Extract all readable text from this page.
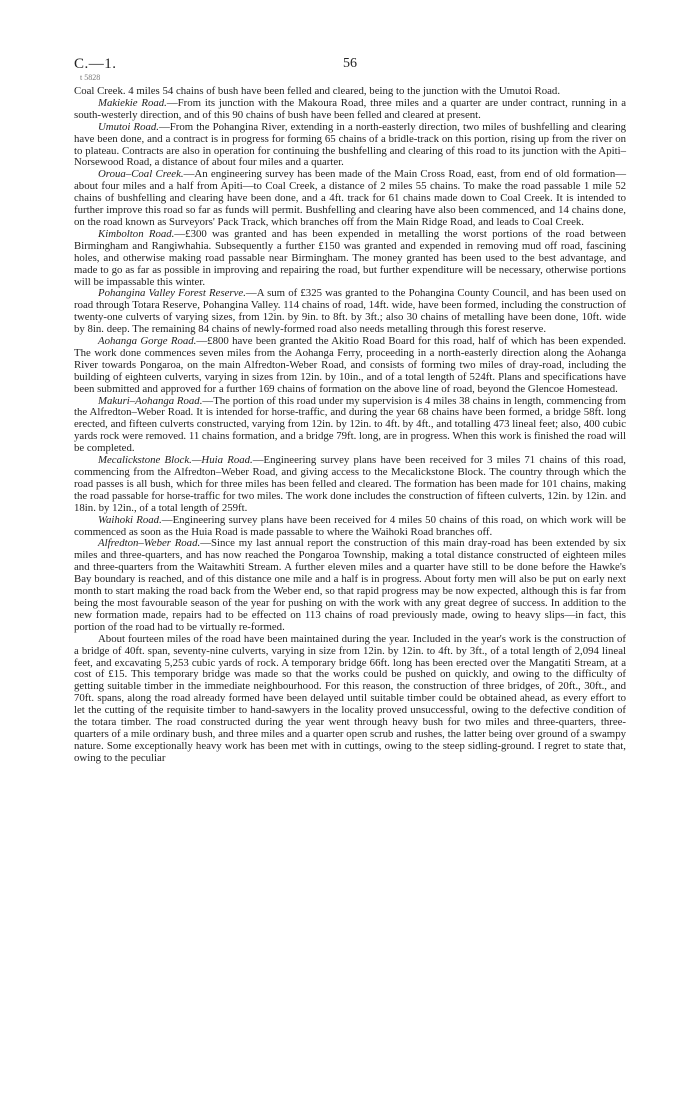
C.—1.	56
t 5828

Coal Creek. 4 miles 54 chains of bush have been felled and cleared, being to the junction with the Umutoi Road.

Makiekie Road.—From its junction with the Makoura Road, three miles and a quarter are under contract, running in a south-westerly direction, and of this 90 chains of bush have been felled and cleared at present.

Umutoi Road.—From the Pohangina River, extending in a north-easterly direction, two miles of bushfelling and clearing have been done, and a contract is in progress for forming 65 chains of a bridle-track on this portion, rising up from the river on to plateau. Contracts are also in operation for continuing the bushfelling and clearing of this road to its junction with the Apiti–Norsewood Road, a distance of about four miles and a quarter.

Oroua–Coal Creek.—An engineering survey has been made of the Main Cross Road, east, from end of old formation—about four miles and a half from Apiti—to Coal Creek, a distance of 2 miles 55 chains. To make the road passable 1 mile 52 chains of bushfelling and clearing have been done, and a 4ft. track for 61 chains made down to Coal Creek. It is intended to further improve this road so far as funds will permit. Bushfelling and clearing have also been commenced, and 14 chains done, on the road known as Surveyors' Pack Track, which branches off from the Main Ridge Road, and leads to Coal Creek.

Kimbolton Road.—£300 was granted and has been expended in metalling the worst portions of the road between Birmingham and Rangiwhahia. Subsequently a further £150 was granted and expended in removing mud off road, fascining holes, and otherwise making road passable near Birmingham. The money granted has been used to the best advantage, and made to go as far as possible in improving and repairing the road, but further expenditure will be necessary, otherwise portions will be impassable this winter.

Pohangina Valley Forest Reserve.—A sum of £325 was granted to the Pohangina County Council, and has been used on road through Totara Reserve, Pohangina Valley. 114 chains of road, 14ft. wide, have been formed, including the construction of twenty-one culverts of varying sizes, from 12in. by 9in. to 8ft. by 3ft.; also 30 chains of metalling have been done, 10ft. wide by 8in. deep. The remaining 84 chains of newly-formed road also needs metalling through this forest reserve.

Aohanga Gorge Road.—£800 have been granted the Akitio Road Board for this road, half of which has been expended. The work done commences seven miles from the Aohanga Ferry, proceeding in a north-easterly direction along the Aohanga River towards Pongaroa, on the main Alfredton-Weber Road, and consists of forming two miles of dray-road, including the building of eighteen culverts, varying in sizes from 12in. by 10in., and of a total length of 524ft. Plans and specifications have been submitted and approved for a further 169 chains of formation on the above line of road, beyond the Glencoe Homestead.

Makuri–Aohanga Road.—The portion of this road under my supervision is 4 miles 38 chains in length, commencing from the Alfredton–Weber Road. It is intended for horse-traffic, and during the year 68 chains have been formed, a bridge 58ft. long erected, and fifteen culverts constructed, varying from 12in. by 12in. to 4ft. by 4ft., and totalling 473 lineal feet; also, 400 cubic yards rock were removed. 11 chains formation, and a bridge 79ft. long, are in progress. When this work is finished the road will be completed.

Mecalickstone Block.—Huia Road.—Engineering survey plans have been received for 3 miles 71 chains of this road, commencing from the Alfredton–Weber Road, and giving access to the Mecalickstone Block. The country through which the road passes is all bush, which for three miles has been felled and cleared. The formation has been made for 101 chains, making the road passable for horse-traffic for two miles. The work done includes the construction of fifteen culverts, 12in. by 12in. and 18in. by 12in., of a total length of 259ft.

Waihoki Road.—Engineering survey plans have been received for 4 miles 50 chains of this road, on which work will be commenced as soon as the Huia Road is made passable to where the Waihoki Road branches off.

Alfredton–Weber Road.—Since my last annual report the construction of this main dray-road has been extended by six miles and three-quarters, and has now reached the Pongaroa Township, making a total distance constructed of eighteen miles and three-quarters from the Waitawhiti Stream. A further eleven miles and a quarter have still to be done before the Hawke's Bay boundary is reached, and of this distance one mile and a half is in progress. About forty men will also be put on early next month to start making the road back from the Weber end, so that rapid progress may be now expected, although this is far from being the most favourable season of the year for pushing on with the work with any great degree of success. In addition to the new formation made, repairs had to be effected on 113 chains of road previously made, owing to heavy slips—in fact, this portion of the road had to be virtually re-formed.

About fourteen miles of the road have been maintained during the year. Included in the year's work is the construction of a bridge of 40ft. span, seventy-nine culverts, varying in size from 12in. by 12in. to 4ft. by 3ft., of a total length of 2,094 lineal feet, and excavating 5,253 cubic yards of rock. A temporary bridge 66ft. long has been erected over the Mangatiti Stream, at a cost of £15. This temporary bridge was made so that the works could be pushed on quickly, and owing to the difficulty of getting suitable timber in the immediate neighbourhood. For this reason, the construction of three bridges, of 20ft., 30ft., and 70ft. spans, along the road already formed have been delayed until suitable timber could be obtained ahead, as every effort to let the cutting of the requisite timber to hand-sawyers in the locality proved unsuccessful, owing to the defective condition of the totara timber. The road constructed during the year went through heavy bush for two miles and three-quarters, three-quarters of a mile ordinary bush, and three miles and a quarter open scrub and rushes, the latter being over ground of a swampy nature. Some exceptionally heavy work has been met with in cuttings, owing to the steep sidling-ground. I regret to state that, owing to the peculiar
